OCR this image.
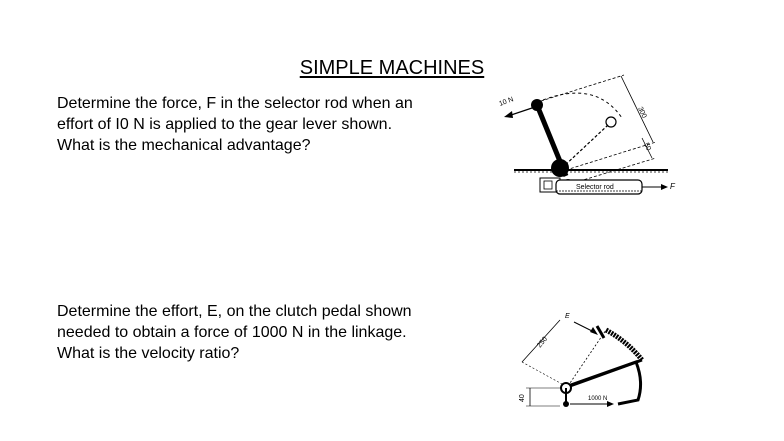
SIMPLE MACHINES
Determine the force, F in the selector rod when an
effort of I0 N is applied to the gear lever shown.
What is the mechanical advantage?
Determine the effort, E, on the clutch pedal shown
needed to obtain a force of 1000 N in the linkage.
What is the velocity ratio?
300
50
10 N
Selector rod	F
1000 N
E
250
40
